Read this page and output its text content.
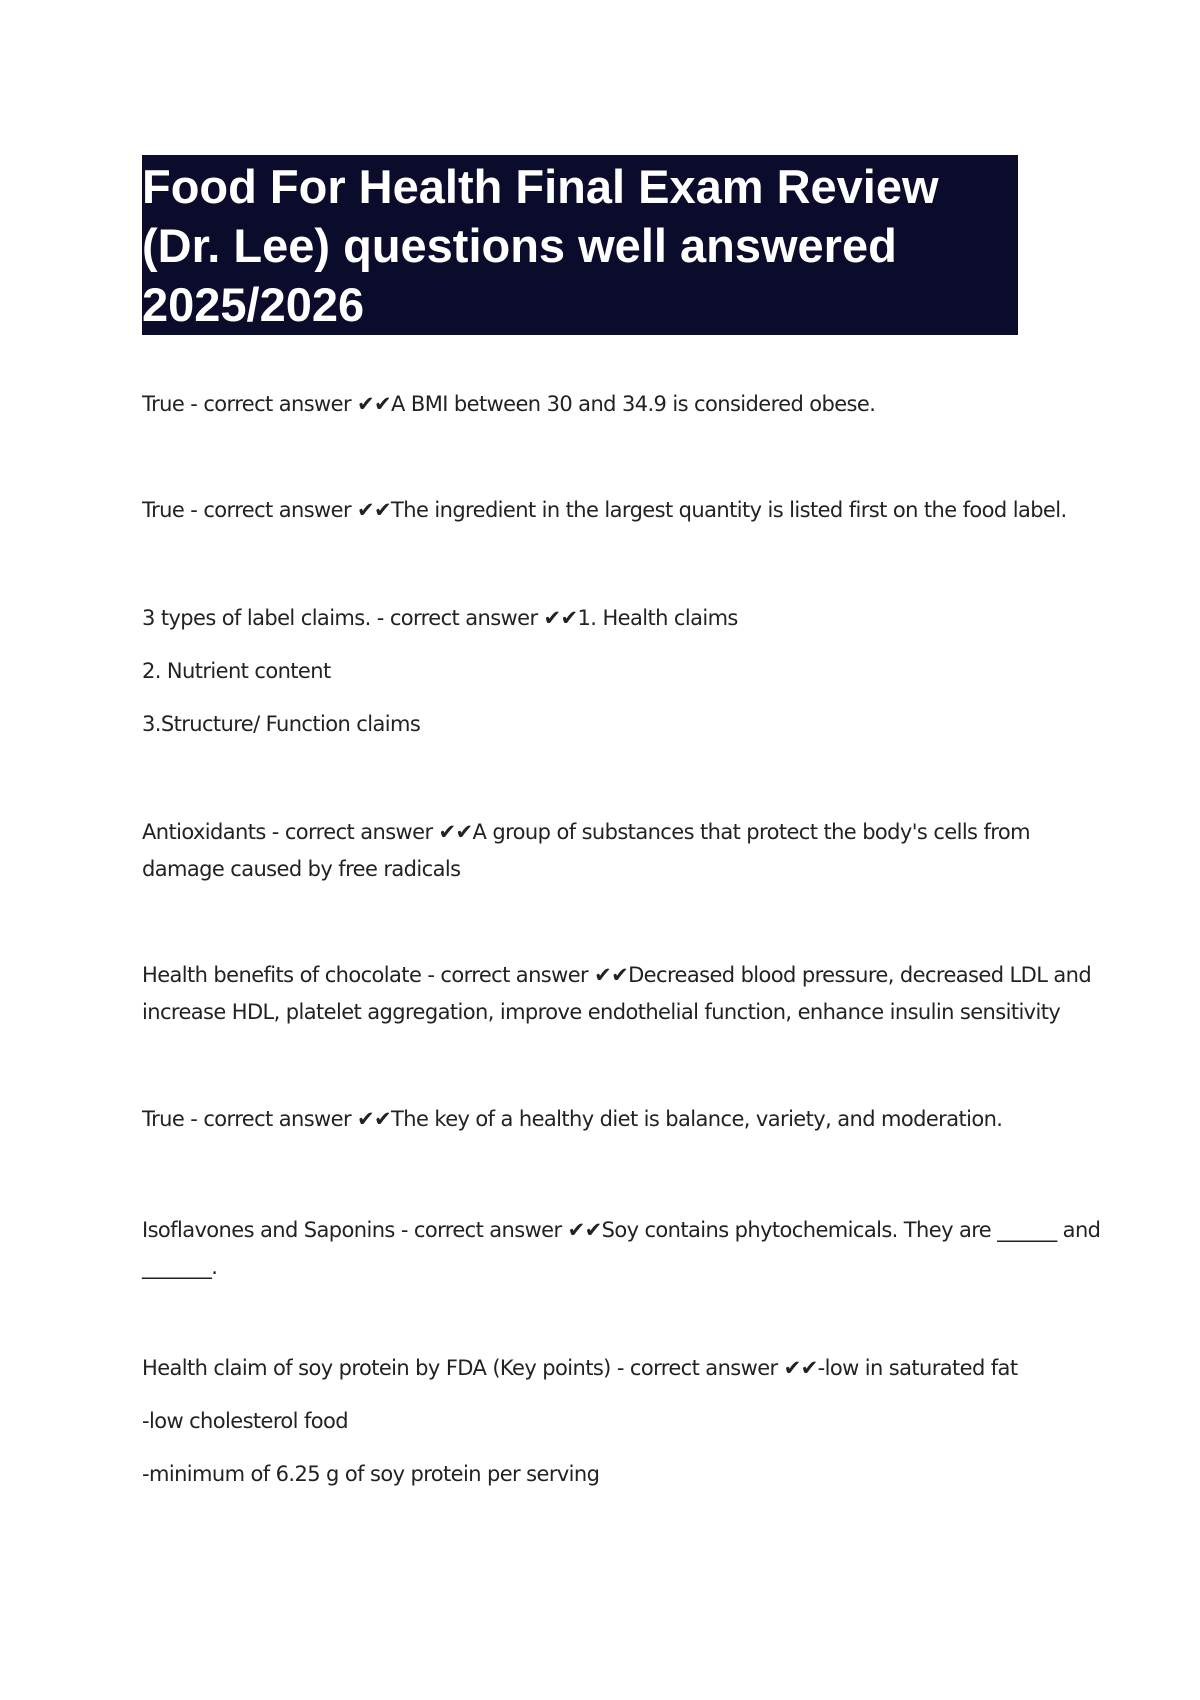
Food For Health Final Exam Review
(Dr. Lee) questions well answered
2025/2026
True - correct answer ✔✔A BMI between 30 and 34.9 is considered obese.
True - correct answer ✔✔The ingredient in the largest quantity is listed first on the food label.
3 types of label claims. - correct answer ✔✔1. Health claims
2. Nutrient content
3.Structure/ Function claims
Antioxidants - correct answer ✔✔A group of substances that protect the body's cells from
damage caused by free radicals
Health benefits of chocolate - correct answer ✔✔Decreased blood pressure, decreased LDL and
increase HDL, platelet aggregation, improve endothelial function, enhance insulin sensitivity
True - correct answer ✔✔The key of a healthy diet is balance, variety, and moderation.
Isoflavones and Saponins - correct answer ✔✔Soy contains phytochemicals. They are ______ and
_______.
Health claim of soy protein by FDA (Key points) - correct answer ✔✔-low in saturated fat
-low cholesterol food
-minimum of 6.25 g of soy protein per serving
